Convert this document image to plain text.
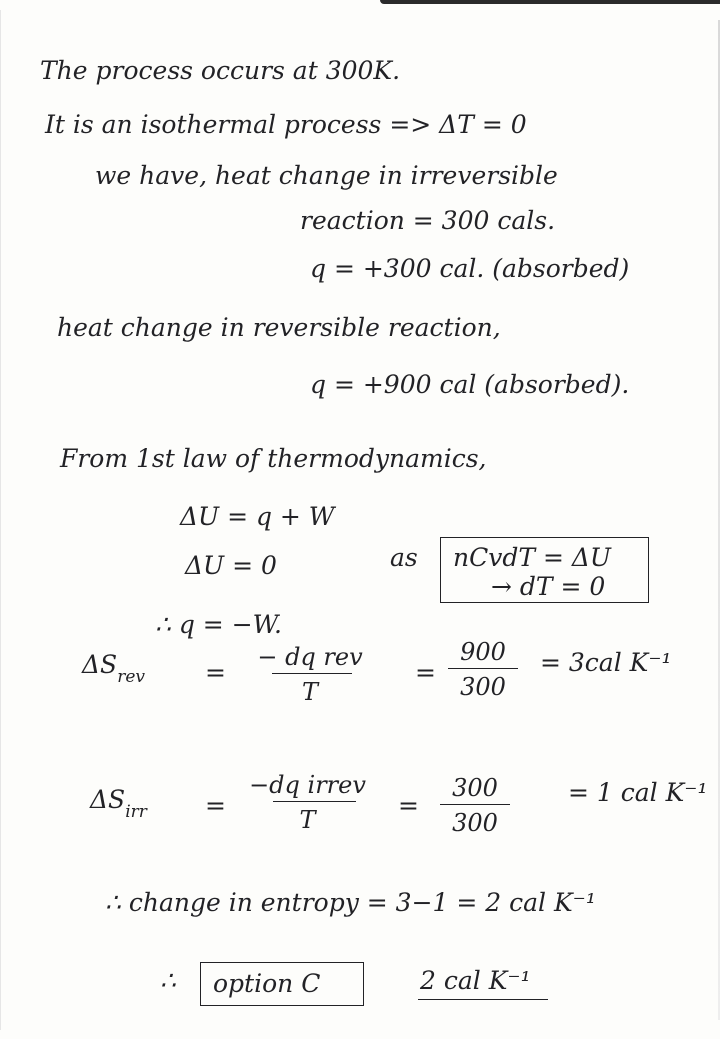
The process occurs at 300K.
It is an isothermal process => ΔT = 0
we have, heat change in irreversible
reaction = 300 cals.
q = +300 cal. (absorbed)
heat change in reversible reaction,
q = +900 cal (absorbed).
From 1st law of thermodynamics,
ΔU = q + W
ΔU = 0	as nCvdT = ΔU
→ dT = 0
∴ q = −W.
$\Delta S_{rev}$ =
− dq rev
T
=
900
300
= 3cal K⁻¹
$\Delta S_{irr}$ =
−dq irrev
T	=
300
300
= 1 cal K⁻¹
∴ change in entropy = 3−1 = 2 cal K⁻¹
∴ option C	2 cal K⁻¹
